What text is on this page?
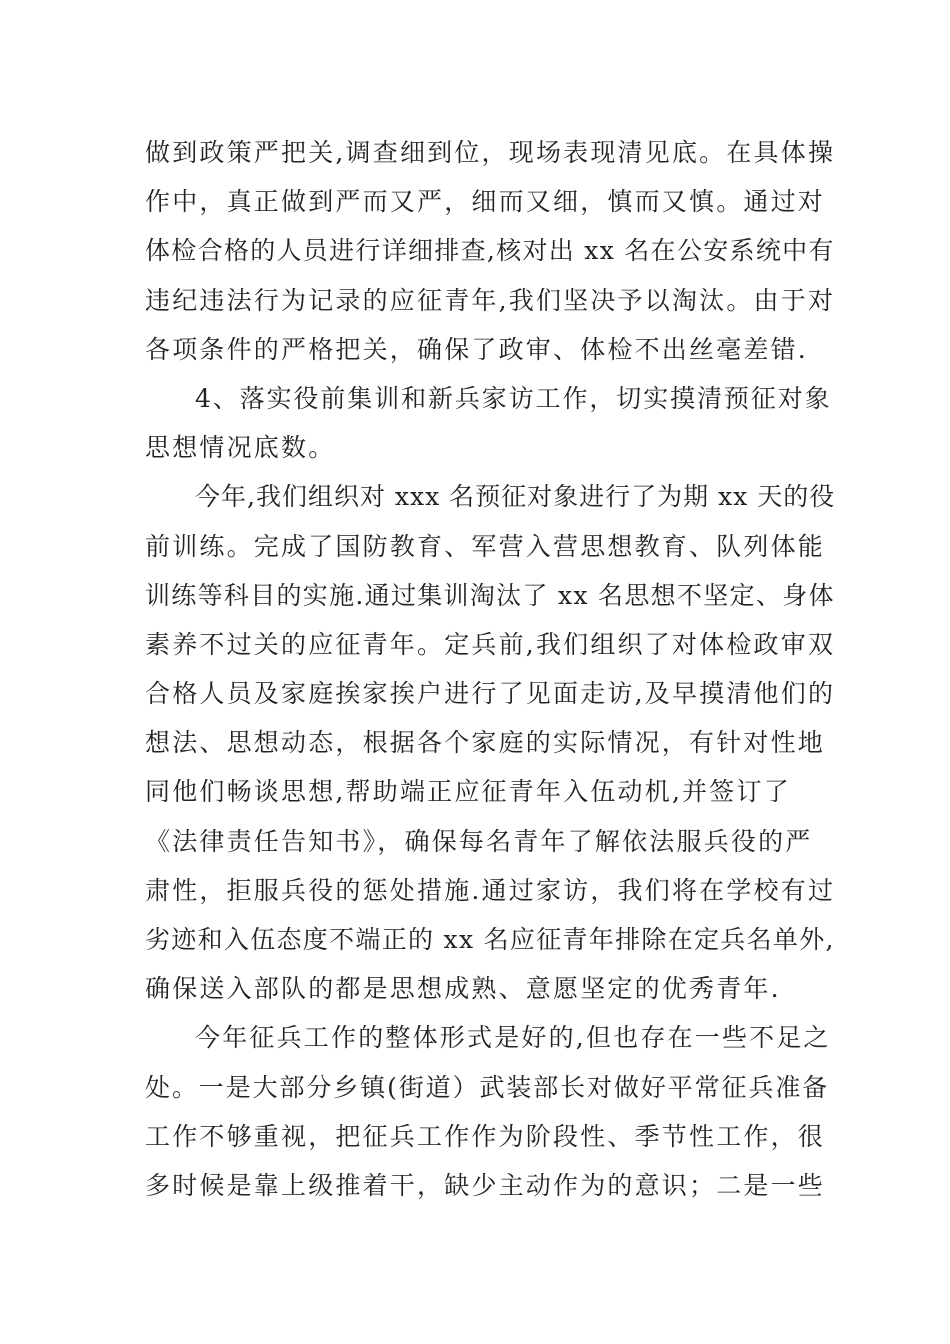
做到政策严把关,调查细到位，现场表现清见底。在具体操
作中，真正做到严而又严，细而又细，慎而又慎。通过对
体检合格的人员进行详细排查,核对出 xx 名在公安系统中有
违纪违法行为记录的应征青年,我们坚决予以淘汰。由于对
各项条件的严格把关，确保了政审、体检不出丝毫差错.
4、落实役前集训和新兵家访工作，切实摸清预征对象
思想情况底数。
今年,我们组织对 xxx 名预征对象进行了为期 xx 天的役
前训练。完成了国防教育、军营入营思想教育、队列体能
训练等科目的实施.通过集训淘汰了 xx 名思想不坚定、身体
素养不过关的应征青年。定兵前,我们组织了对体检政审双
合格人员及家庭挨家挨户进行了见面走访,及早摸清他们的
想法、思想动态，根据各个家庭的实际情况，有针对性地
同他们畅谈思想,帮助端正应征青年入伍动机,并签订了
《法律责任告知书》，确保每名青年了解依法服兵役的严
肃性，拒服兵役的惩处措施.通过家访，我们将在学校有过
劣迹和入伍态度不端正的 xx 名应征青年排除在定兵名单外,
确保送入部队的都是思想成熟、意愿坚定的优秀青年.
今年征兵工作的整体形式是好的,但也存在一些不足之
处。一是大部分乡镇(街道）武装部长对做好平常征兵准备
工作不够重视，把征兵工作作为阶段性、季节性工作，很
多时候是靠上级推着干，缺少主动作为的意识；二是一些
